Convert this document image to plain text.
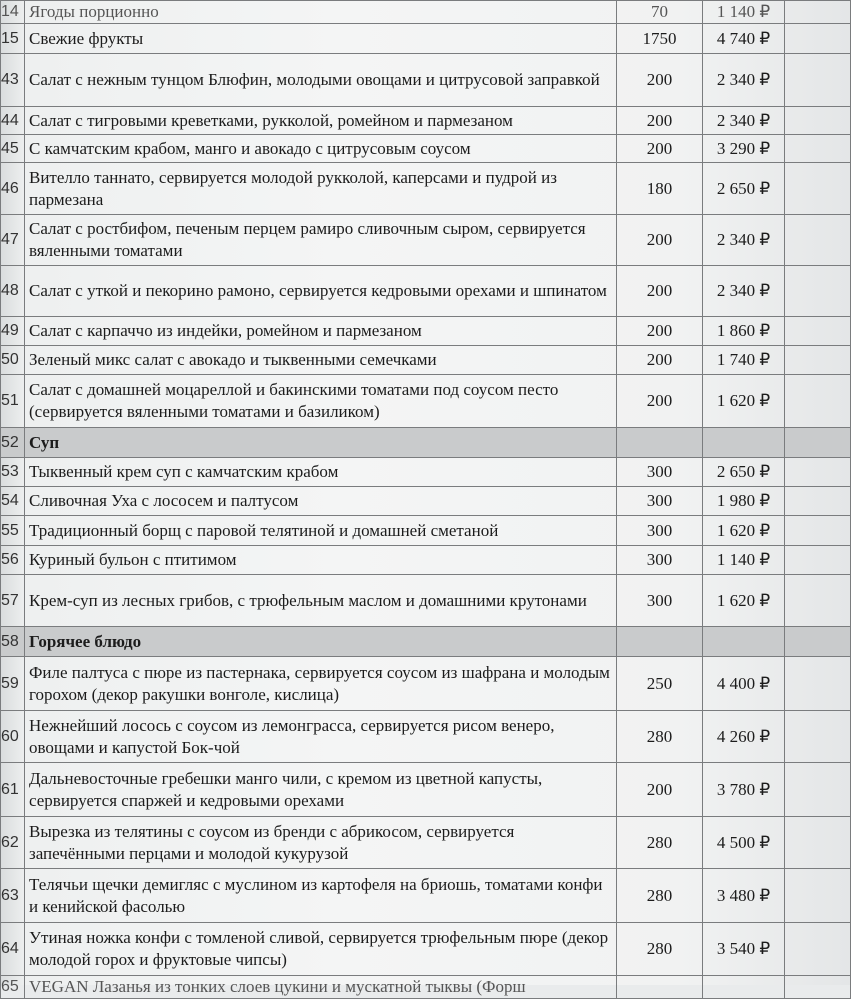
14	Ягоды порционно	70	1 140 ₽	
15	Свежие фрукты	1750	4 740 ₽	
43	Салат с нежным тунцом Блюфин, молодыми овощами и цитрусовой заправкой	200	2 340 ₽	
44	Салат с тигровыми креветками, рукколой, ромейном и пармезаном	200	2 340 ₽	
45	С камчатским крабом, манго и авокадо с цитрусовым соусом	200	3 290 ₽	
46	Вителло таннато, сервируется молодой рукколой, каперсами и пудрой из пармезана	180	2 650 ₽	
47	Салат с ростбифом, печеным перцем рамиро сливочным сыром, сервируется вяленными томатами	200	2 340 ₽	
48	Салат с уткой и пекорино рамоно, сервируется кедровыми орехами и шпинатом	200	2 340 ₽	
49	Салат с карпаччо из индейки, ромейном и пармезаном	200	1 860 ₽	
50	Зеленый микс салат с авокадо и тыквенными семечками	200	1 740 ₽	
51	Салат с домашней моцареллой и бакинскими томатами под соусом песто (сервируется вяленными томатами и базиликом)	200	1 620 ₽	
52	Суп			
53	Тыквенный крем суп с камчатским крабом	300	2 650 ₽	
54	Сливочная Уха с лососем и палтусом	300	1 980 ₽	
55	Традиционный борщ с паровой телятиной и домашней сметаной	300	1 620 ₽	
56	Куриный бульон с птитимом	300	1 140 ₽	
57	Крем-суп из лесных грибов, с трюфельным маслом и домашними крутонами	300	1 620 ₽	
58	Горячее блюдо			
59	Филе палтуса с пюре из пастернака, сервируется соусом из шафрана и молодым горохом (декор ракушки вонголе, кислица)	250	4 400 ₽	
60	Нежнейший лосось с соусом из лемонграсса, сервируется рисом венеро, овощами и капустой Бок-чой	280	4 260 ₽	
61	Дальневосточные гребешки манго чили, с кремом из цветной капусты, сервируется спаржей и кедровыми орехами	200	3 780 ₽	
62	Вырезка из телятины с соусом из бренди с абрикосом, сервируется запечёнными перцами и молодой кукурузой	280	4 500 ₽	
63	Телячьи щечки демигляс с муслином из картофеля на бриошь, томатами конфи и кенийской фасолью	280	3 480 ₽	
64	Утиная ножка конфи с томленой сливой, сервируется трюфельным пюре (декор молодой горох и фруктовые чипсы)	280	3 540 ₽	
65	VEGAN Лазанья из тонких слоев цукини и мускатной тыквы (Форш			
